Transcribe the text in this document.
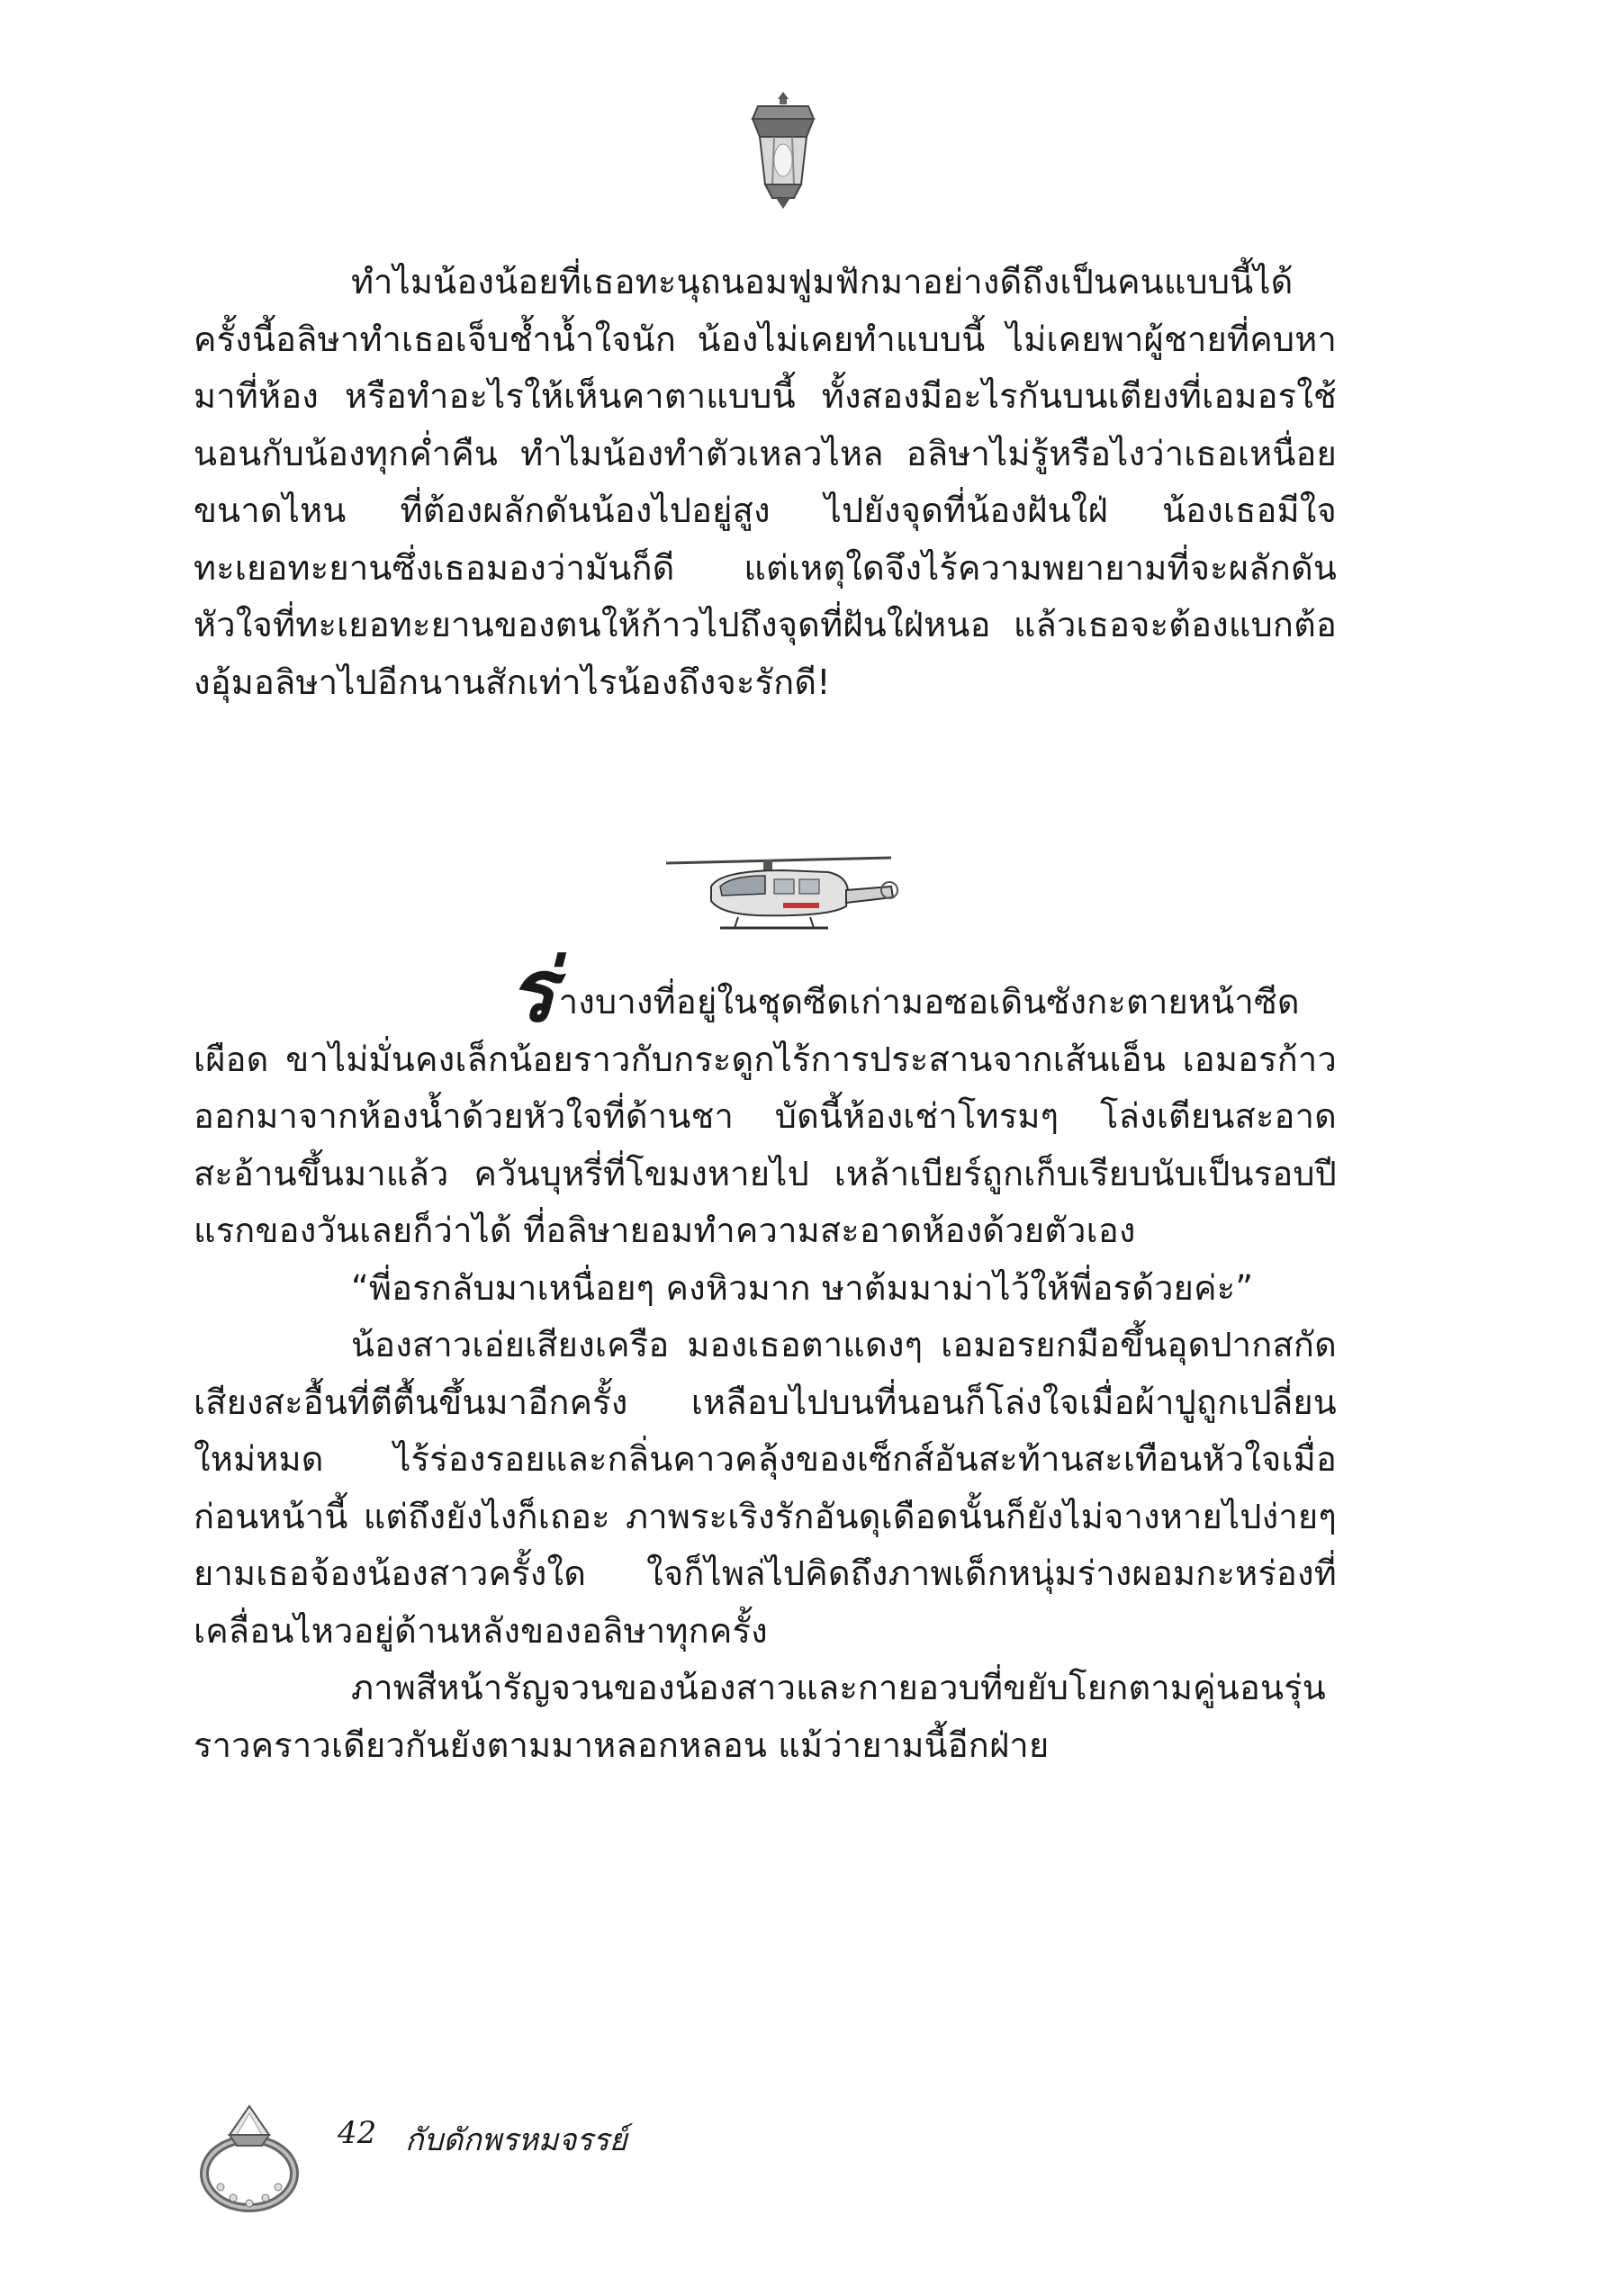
ทำไมน้องน้อยที่เธอทะนุถนอมฟูมฟักมาอย่างดีถึงเป็นคนแบบนี้ได้ ครั้งนี้อลิษาทำเธอเจ็บช้ำน้ำใจนัก น้องไม่เคยทำแบบนี้ ไม่เคยพาผู้ชายที่คบหามาที่ห้อง หรือทำอะไรให้เห็นคาตาแบบนี้ ทั้งสองมีอะไรกันบนเตียงที่เอมอรใช้นอนกับน้องทุกค่ำคืน ทำไมน้องทำตัวเหลวไหล อลิษาไม่รู้หรือไงว่าเธอเหนื่อยขนาดไหน ที่ต้องผลักดันน้องไปอยู่สูง ไปยังจุดที่น้องฝันใฝ่ น้องเธอมีใจทะเยอทะยานซึ่งเธอมองว่ามันก็ดี แต่เหตุใดจึงไร้ความพยายามที่จะผลักดันหัวใจที่ทะเยอทะยานของตนให้ก้าวไปถึงจุดที่ฝันใฝ่หนอ แล้วเธอจะต้องแบกต้องอุ้มอลิษาไปอีกนานสักเท่าไรน้องถึงจะรักดี!

ร่างบางที่อยู่ในชุดซีดเก่ามอซอเดินซังกะตายหน้าซีดเผือด ขาไม่มั่นคงเล็กน้อยราวกับกระดูกไร้การประสานจากเส้นเอ็น เอมอรก้าวออกมาจากห้องน้ำด้วยหัวใจที่ด้านชา บัดนี้ห้องเช่าโทรมๆ โล่งเตียนสะอาดสะอ้านขึ้นมาแล้ว ควันบุหรี่ที่โขมงหายไป เหล้าเบียร์ถูกเก็บเรียบนับเป็นรอบปีแรกของวันเลยก็ว่าได้ ที่อลิษายอมทำความสะอาดห้องด้วยตัวเอง

“พี่อรกลับมาเหนื่อยๆ คงหิวมาก ษาต้มมาม่าไว้ให้พี่อรด้วยค่ะ”

น้องสาวเอ่ยเสียงเครือ มองเธอตาแดงๆ เอมอรยกมือขึ้นอุดปากสกัดเสียงสะอื้นที่ตีตื้นขึ้นมาอีกครั้ง เหลือบไปบนที่นอนก็โล่งใจเมื่อผ้าปูถูกเปลี่ยนใหม่หมด ไร้ร่องรอยและกลิ่นคาวคลุ้งของเซ็กส์อันสะท้านสะเทือนหัวใจเมื่อก่อนหน้านี้ แต่ถึงยังไงก็เถอะ ภาพระเริงรักอันดุเดือดนั้นก็ยังไม่จางหายไปง่ายๆ ยามเธอจ้องน้องสาวครั้งใด ใจก็ไพล่ไปคิดถึงภาพเด็กหนุ่มร่างผอมกะหร่องที่เคลื่อนไหวอยู่ด้านหลังของอลิษาทุกครั้ง

ภาพสีหน้ารัญจวนของน้องสาวและกายอวบที่ขยับโยกตามคู่นอนรุ่นราวคราวเดียวกันยังตามมาหลอกหลอน แม้ว่ายามนี้อีกฝ่าย

42 กับดักพรหมจรรย์
